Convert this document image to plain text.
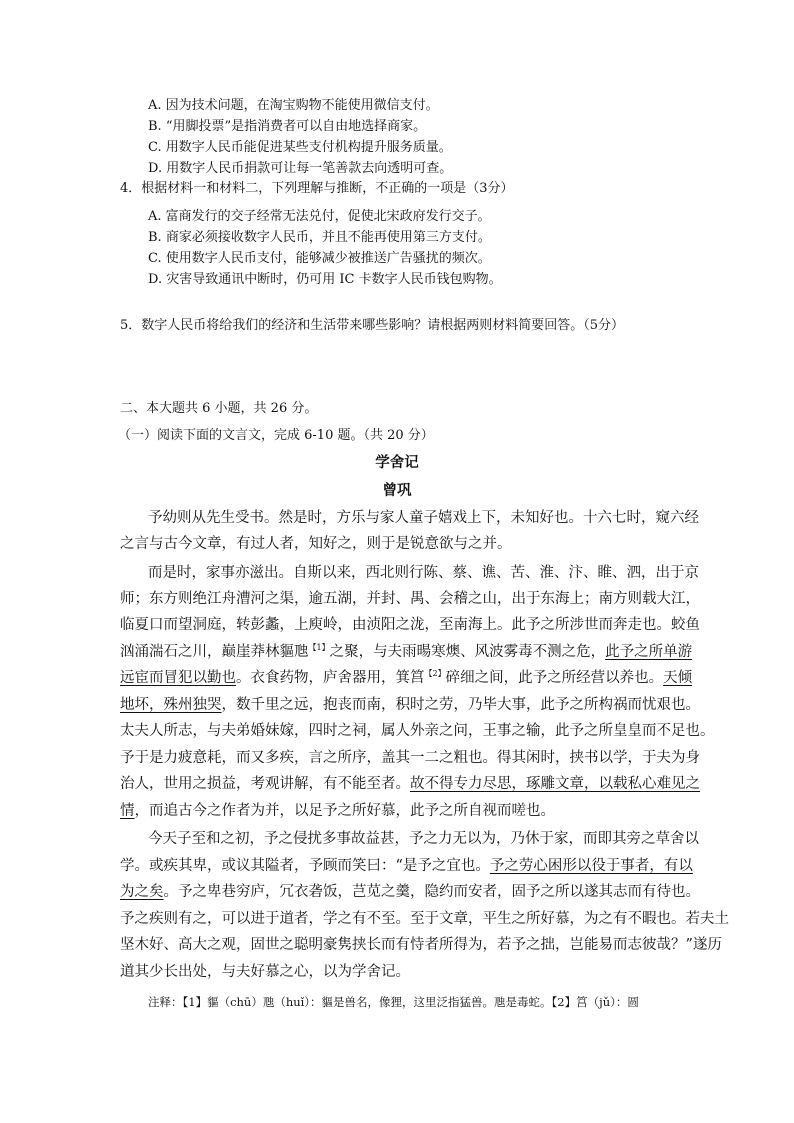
A. 因为技术问题，在淘宝购物不能使用微信支付。
B. “用脚投票”是指消费者可以自由地选择商家。
C. 用数字人民币能促进某些支付机构提升服务质量。
D. 用数字人民币捐款可让每一笔善款去向透明可查。
4．根据材料一和材料二，下列理解与推断，不正确的一项是（3分）
A. 富商发行的交子经常无法兑付，促使北宋政府发行交子。
B. 商家必须接收数字人民币，并且不能再使用第三方支付。
C. 使用数字人民币支付，能够减少被推送广告骚扰的频次。
D. 灾害导致通讯中断时，仍可用 IC 卡数字人民币钱包购物。
5．数字人民币将给我们的经济和生活带来哪些影响？请根据两则材料简要回答。（5分）
二、本大题共 6 小题，共 26 分。
（一）阅读下面的文言文，完成 6-10 题。（共 20 分）
学舍记
曾巩
予幼则从先生受书。然是时，方乐与家人童子嬉戏上下，未知好也。十六七时，窥六经
之言与古今文章，有过人者，知好之，则于是锐意欲与之并。
而是时，家事亦滋出。自斯以来，西北则行陈、蔡、谯、苦、淮、汴、睢、泗，出于京
师；东方则绝江舟漕河之渠，逾五湖，并封、禺、会稽之山，出于东海上；南方则载大江，
临夏口而望洞庭，转彭蠡，上庾岭，由浈阳之泷，至南海上。此予之所涉世而奔走也。蛟鱼
汹涌湍石之川，巅崖莽林貙虺$^{【1】}$之聚，与夫雨暘寒燠、风波雾毒不测之危，此予之所单游
远宦而冒犯以勤也。衣食药物，庐舍器用，箕筥$^{【2】}$碎细之间，此予之所经营以养也。天倾
地坏，殊州独哭，数千里之远，抱丧而南，积时之劳，乃毕大事，此予之所构祸而忧艰也。
太夫人所志，与夫弟婚妹嫁，四时之祠，属人外亲之问，王事之输，此予之所皇皇而不足也。
予于是力疲意耗，而又多疾，言之所序，盖其一二之粗也。得其闲时，挟书以学，于夫为身
治人，世用之损益，考观讲解，有不能至者。故不得专力尽思，琢雕文章，以载私心难见之
情，而追古今之作者为并，以足予之所好慕，此予之所自视而嗟也。
今天子至和之初，予之侵扰多事故益甚，予之力无以为，乃休于家，而即其旁之草舍以
学。或疾其卑，或议其隘者，予顾而笑曰：“是予之宜也。予之劳心困形以役于事者，有以
为之矣。予之卑巷穷庐，冗衣砻饭，芑苋之羹，隐约而安者，固予之所以遂其志而有待也。
予之疾则有之，可以进于道者，学之有不至。至于文章，平生之所好慕，为之有不暇也。若夫土
坚木好、高大之观，固世之聪明豪隽挟长而有恃者所得为，若予之拙，岂能易而志彼哉？”遂历
道其少长出处，与夫好慕之心，以为学舍记。
注释：【1】貙（chū）虺（huǐ）：貙是兽名，像狸，这里泛指猛兽。虺是毒蛇。【2】筥（jǔ）：圆
